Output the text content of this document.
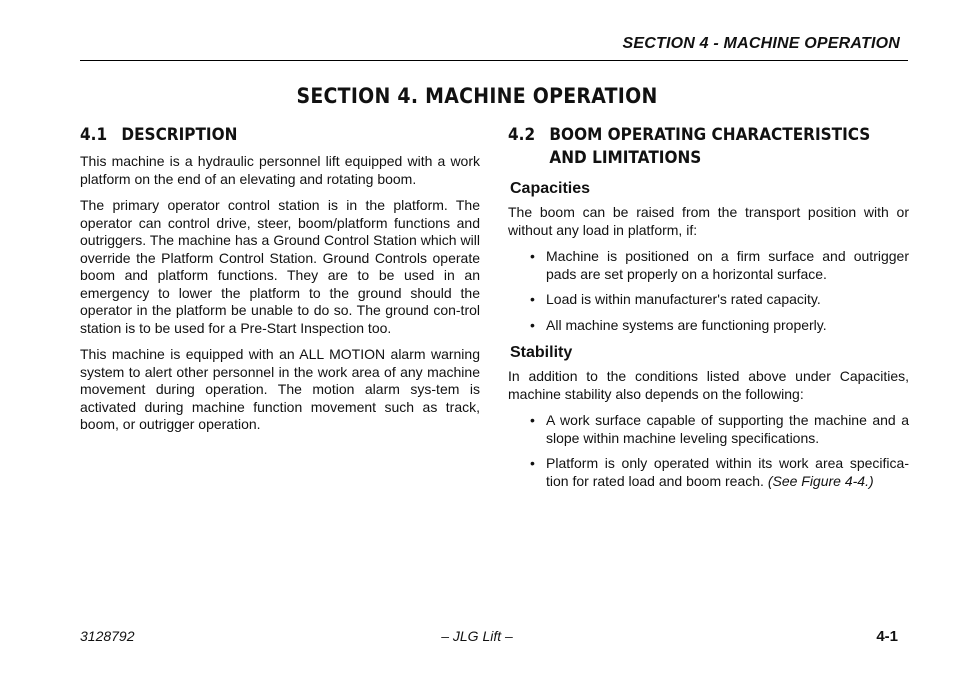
SECTION 4 - MACHINE OPERATION
SECTION 4. MACHINE OPERATION
4.1 DESCRIPTION

This machine is a hydraulic personnel lift equipped with a work platform on the end of an elevating and rotating boom.

The primary operator control station is in the platform. The operator can control drive, steer, boom/platform functions and outriggers. The machine has a Ground Control Station which will override the Platform Control Station. Ground Controls operate boom and platform functions. They are to be used in an emergency to lower the platform to the ground should the operator in the platform be unable to do so. The ground con-trol station is to be used for a Pre-Start Inspection too.

This machine is equipped with an ALL MOTION alarm warning system to alert other personnel in the work area of any machine movement during operation. The motion alarm sys-tem is activated during machine function movement such as track, boom, or outrigger operation.

4.2 BOOM OPERATING CHARACTERISTICS AND LIMITATIONS
Capacities

The boom can be raised from the transport position with or without any load in platform, if:

• Machine is positioned on a firm surface and outrigger pads are set properly on a horizontal surface.
• Load is within manufacturer's rated capacity.
• All machine systems are functioning properly.
Stability

In addition to the conditions listed above under Capacities, machine stability also depends on the following:

• A work surface capable of supporting the machine and a slope within machine leveling specifications.
• Platform is only operated within its work area specifica-tion for rated load and boom reach. (See Figure 4-4.)
3128792	– JLG Lift –	4-1
